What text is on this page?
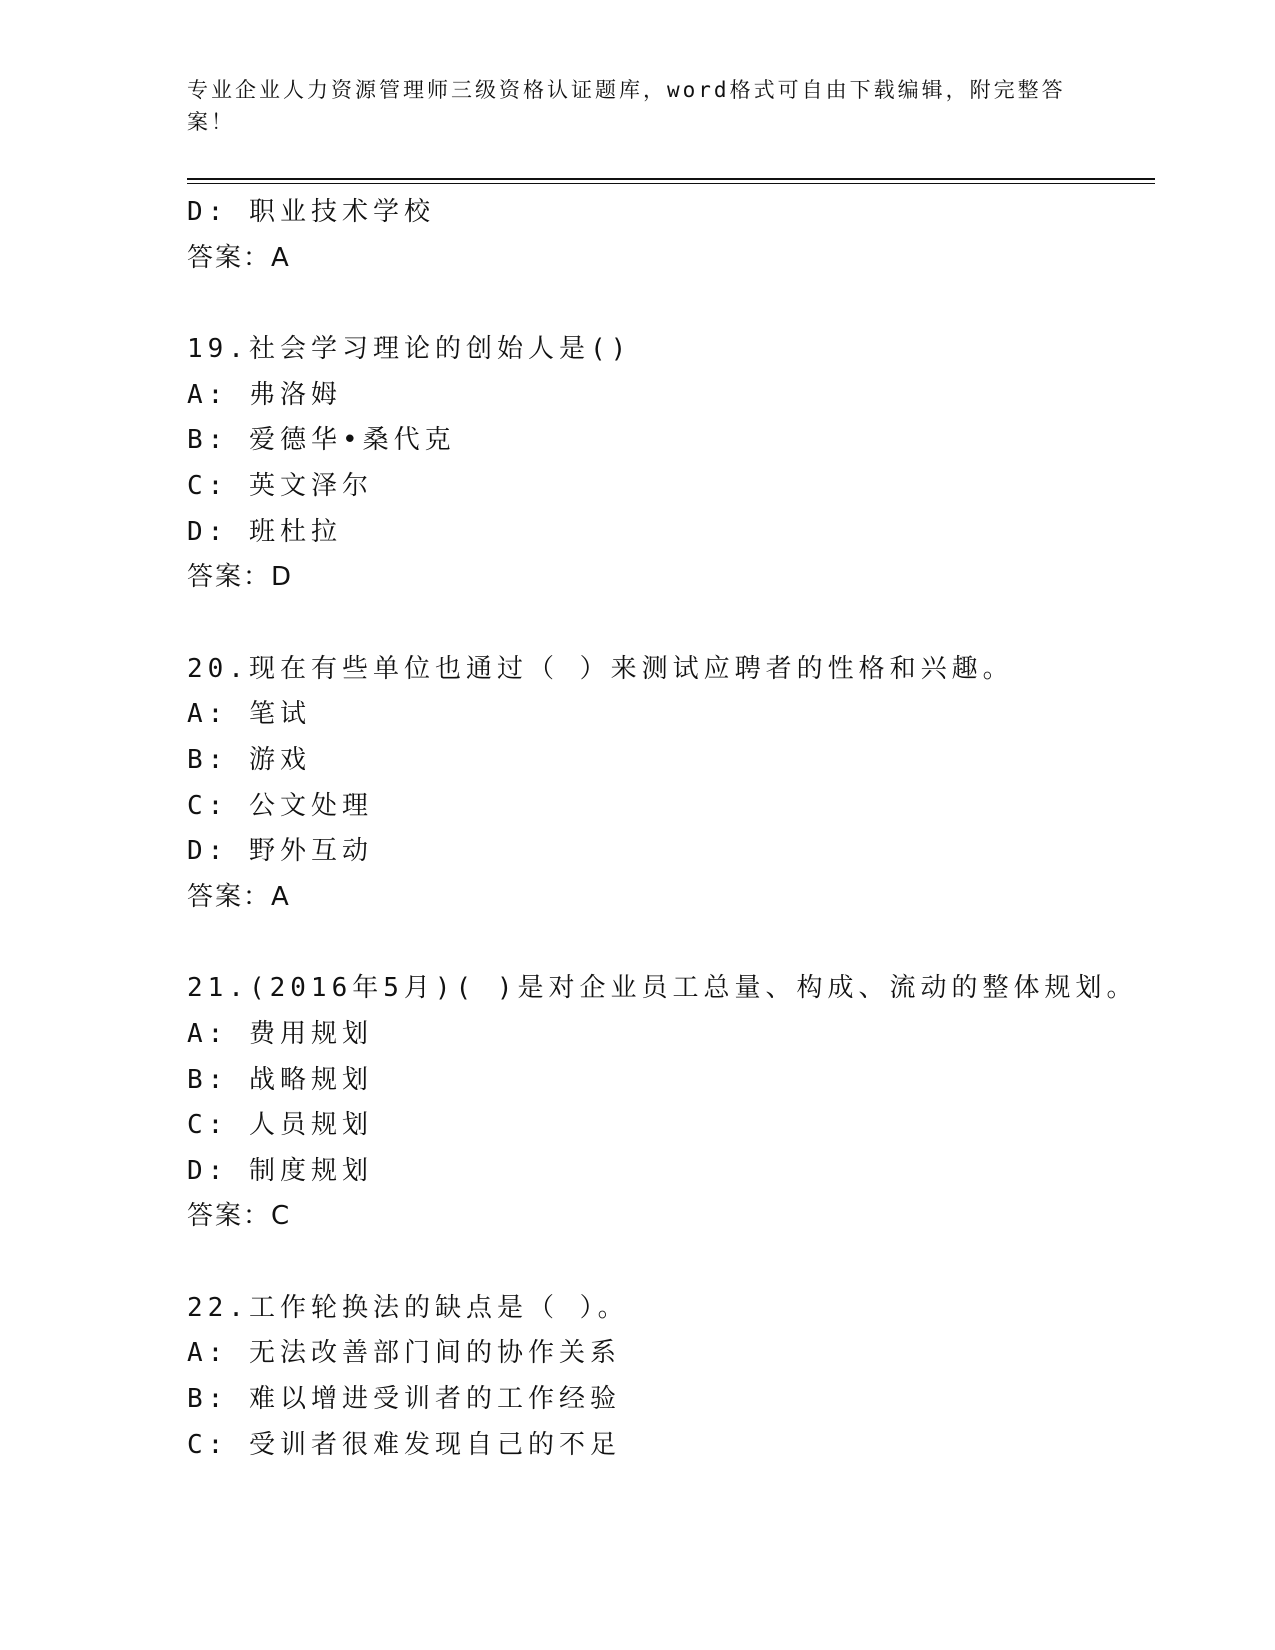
专业企业人力资源管理师三级资格认证题库，word格式可自由下载编辑，附完整答案！
D: 职业技术学校
答案：A
19.社会学习理论的创始人是()
A: 弗洛姆
B: 爱德华•桑代克
C: 英文泽尔
D: 班杜拉
答案：D
20.现在有些单位也通过（ ）来测试应聘者的性格和兴趣。
A: 笔试
B: 游戏
C: 公文处理
D: 野外互动
答案：A
21.(2016年5月)( )是对企业员工总量、构成、流动的整体规划。
A: 费用规划
B: 战略规划
C: 人员规划
D: 制度规划
答案：C
22.工作轮换法的缺点是（ ）。
A: 无法改善部门间的协作关系
B: 难以增进受训者的工作经验
C: 受训者很难发现自己的不足
